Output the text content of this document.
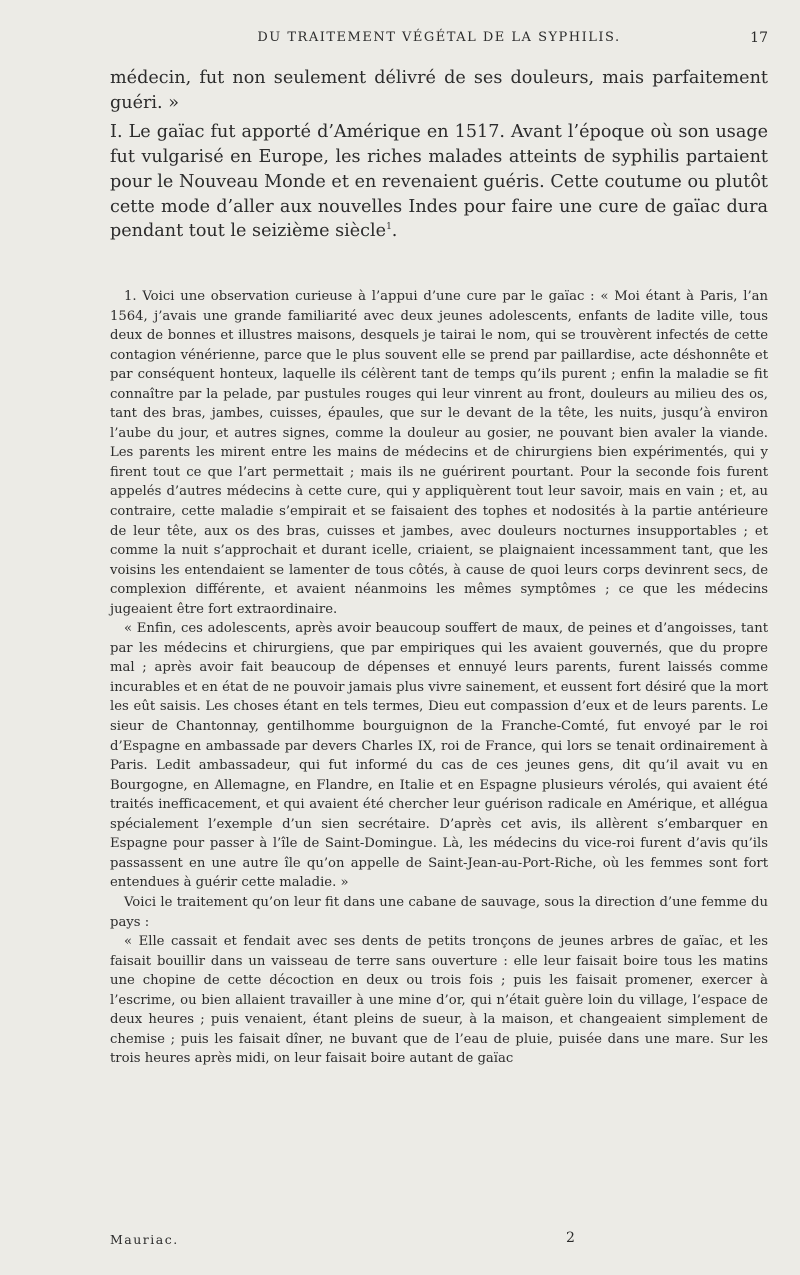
DU TRAITEMENT VÉGÉTAL DE LA SYPHILIS.	17

médecin, fut non seulement délivré de ses douleurs, mais parfaitement guéri. »

I. Le gaïac fut apporté d’Amérique en 1517. Avant l’époque où son usage fut vulgarisé en Europe, les riches malades atteints de syphilis partaient pour le Nouveau Monde et en revenaient guéris. Cette coutume ou plutôt cette mode d’aller aux nouvelles Indes pour faire une cure de gaïac dura pendant tout le seizième siècle$^1$.

1. Voici une observation curieuse à l’appui d’une cure par le gaïac : « Moi étant à Paris, l’an 1564, j’avais une grande familiarité avec deux jeunes adolescents, enfants de ladite ville, tous deux de bonnes et illustres maisons, desquels je tairai le nom, qui se trouvèrent infectés de cette contagion vénérienne, parce que le plus souvent elle se prend par paillardise, acte déshonnête et par conséquent honteux, laquelle ils célèrent tant de temps qu’ils purent ; enfin la maladie se fit connaître par la pelade, par pustules rouges qui leur vinrent au front, douleurs au milieu des os, tant des bras, jambes, cuisses, épaules, que sur le devant de la tête, les nuits, jusqu’à environ l’aube du jour, et autres signes, comme la douleur au gosier, ne pouvant bien avaler la viande. Les parents les mirent entre les mains de médecins et de chirurgiens bien expérimentés, qui y firent tout ce que l’art permettait ; mais ils ne guérirent pourtant. Pour la seconde fois furent appelés d’autres médecins à cette cure, qui y appliquèrent tout leur savoir, mais en vain ; et, au contraire, cette maladie s’empirait et se faisaient des tophes et nodosités à la partie antérieure de leur tête, aux os des bras, cuisses et jambes, avec douleurs nocturnes insupportables ; et comme la nuit s’approchait et durant icelle, criaient, se plaignaient incessamment tant, que les voisins les entendaient se lamenter de tous côtés, à cause de quoi leurs corps devinrent secs, de complexion différente, et avaient néanmoins les mêmes symptômes ; ce que les médecins jugeaient être fort extraordinaire.

« Enfin, ces adolescents, après avoir beaucoup souffert de maux, de peines et d’angoisses, tant par les médecins et chirurgiens, que par empiriques qui les avaient gouvernés, que du propre mal ; après avoir fait beaucoup de dépenses et ennuyé leurs parents, furent laissés comme incurables et en état de ne pouvoir jamais plus vivre sainement, et eussent fort désiré que la mort les eût saisis. Les choses étant en tels termes, Dieu eut compassion d’eux et de leurs parents. Le sieur de Chantonnay, gentilhomme bourguignon de la Franche-Comté, fut envoyé par le roi d’Espagne en ambassade par devers Charles IX, roi de France, qui lors se tenait ordinairement à Paris. Ledit ambassadeur, qui fut informé du cas de ces jeunes gens, dit qu’il avait vu en Bourgogne, en Allemagne, en Flandre, en Italie et en Espagne plusieurs vérolés, qui avaient été traités inefficacement, et qui avaient été chercher leur guérison radicale en Amérique, et allégua spécialement l’exemple d’un sien secrétaire. D’après cet avis, ils allèrent s’embarquer en Espagne pour passer à l’île de Saint-Domingue. Là, les médecins du vice-roi furent d’avis qu’ils passassent en une autre île qu’on appelle de Saint-Jean-au-Port-Riche, où les femmes sont fort entendues à guérir cette maladie. »

Voici le traitement qu’on leur fit dans une cabane de sauvage, sous la direction d’une femme du pays :

« Elle cassait et fendait avec ses dents de petits tronçons de jeunes arbres de gaïac, et les faisait bouillir dans un vaisseau de terre sans ouverture : elle leur faisait boire tous les matins une chopine de cette décoction en deux ou trois fois ; puis les faisait promener, exercer à l’escrime, ou bien allaient travailler à une mine d’or, qui n’était guère loin du village, l’espace de deux heures ; puis venaient, étant pleins de sueur, à la maison, et changeaient simplement de chemise ; puis les faisait dîner, ne buvant que de l’eau de pluie, puisée dans une mare. Sur les trois heures après midi, on leur faisait boire autant de gaïac

Mauriac.	2
